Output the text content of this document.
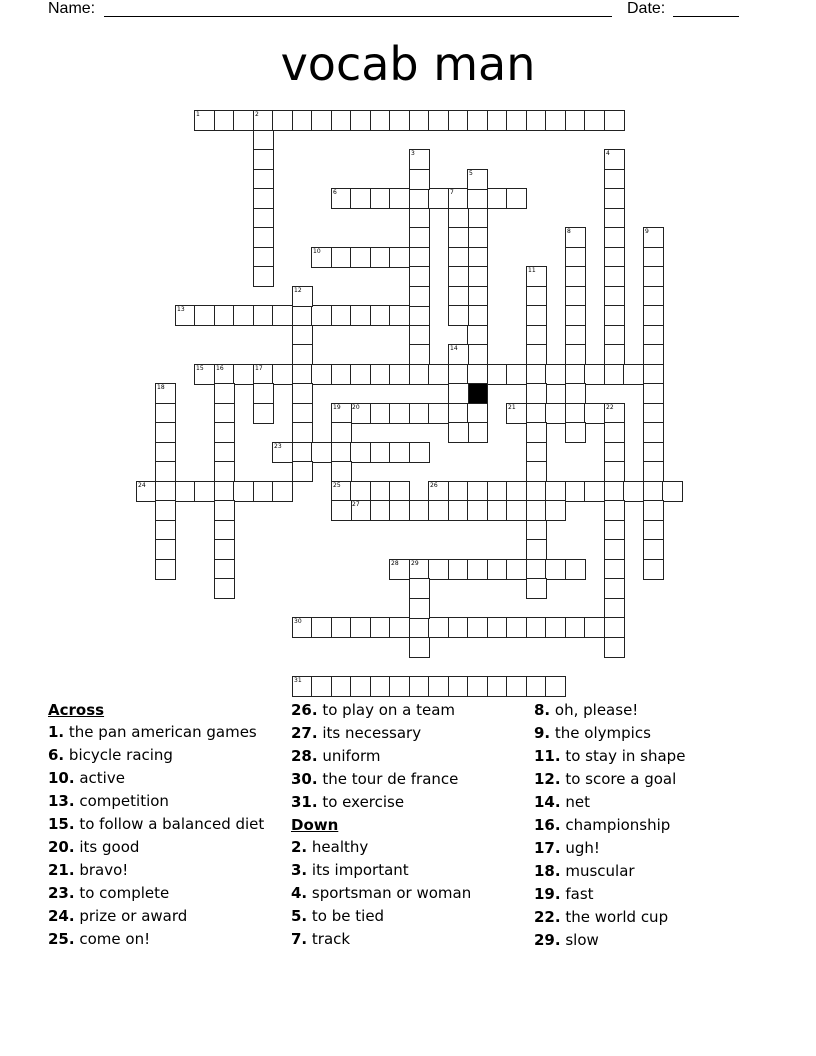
Name:	Date:
vocab man
1	2
6	7
10
13
15 16	17
20	21
23
24	25	26
27
28 29
30
31
3	4
5
8	9
11
12
14
18
19	22
Across
1. the pan american games
6. bicycle racing
10. active
13. competition
15. to follow a balanced diet
20. its good
21. bravo!
23. to complete
24. prize or award
25. come on!
26. to play on a team
27. its necessary
28. uniform
30. the tour de france
31. to exercise
Down
2. healthy
3. its important
4. sportsman or woman
5. to be tied
7. track
8. oh, please!
9. the olympics
11. to stay in shape
12. to score a goal
14. net
16. championship
17. ugh!
18. muscular
19. fast
22. the world cup
29. slow
